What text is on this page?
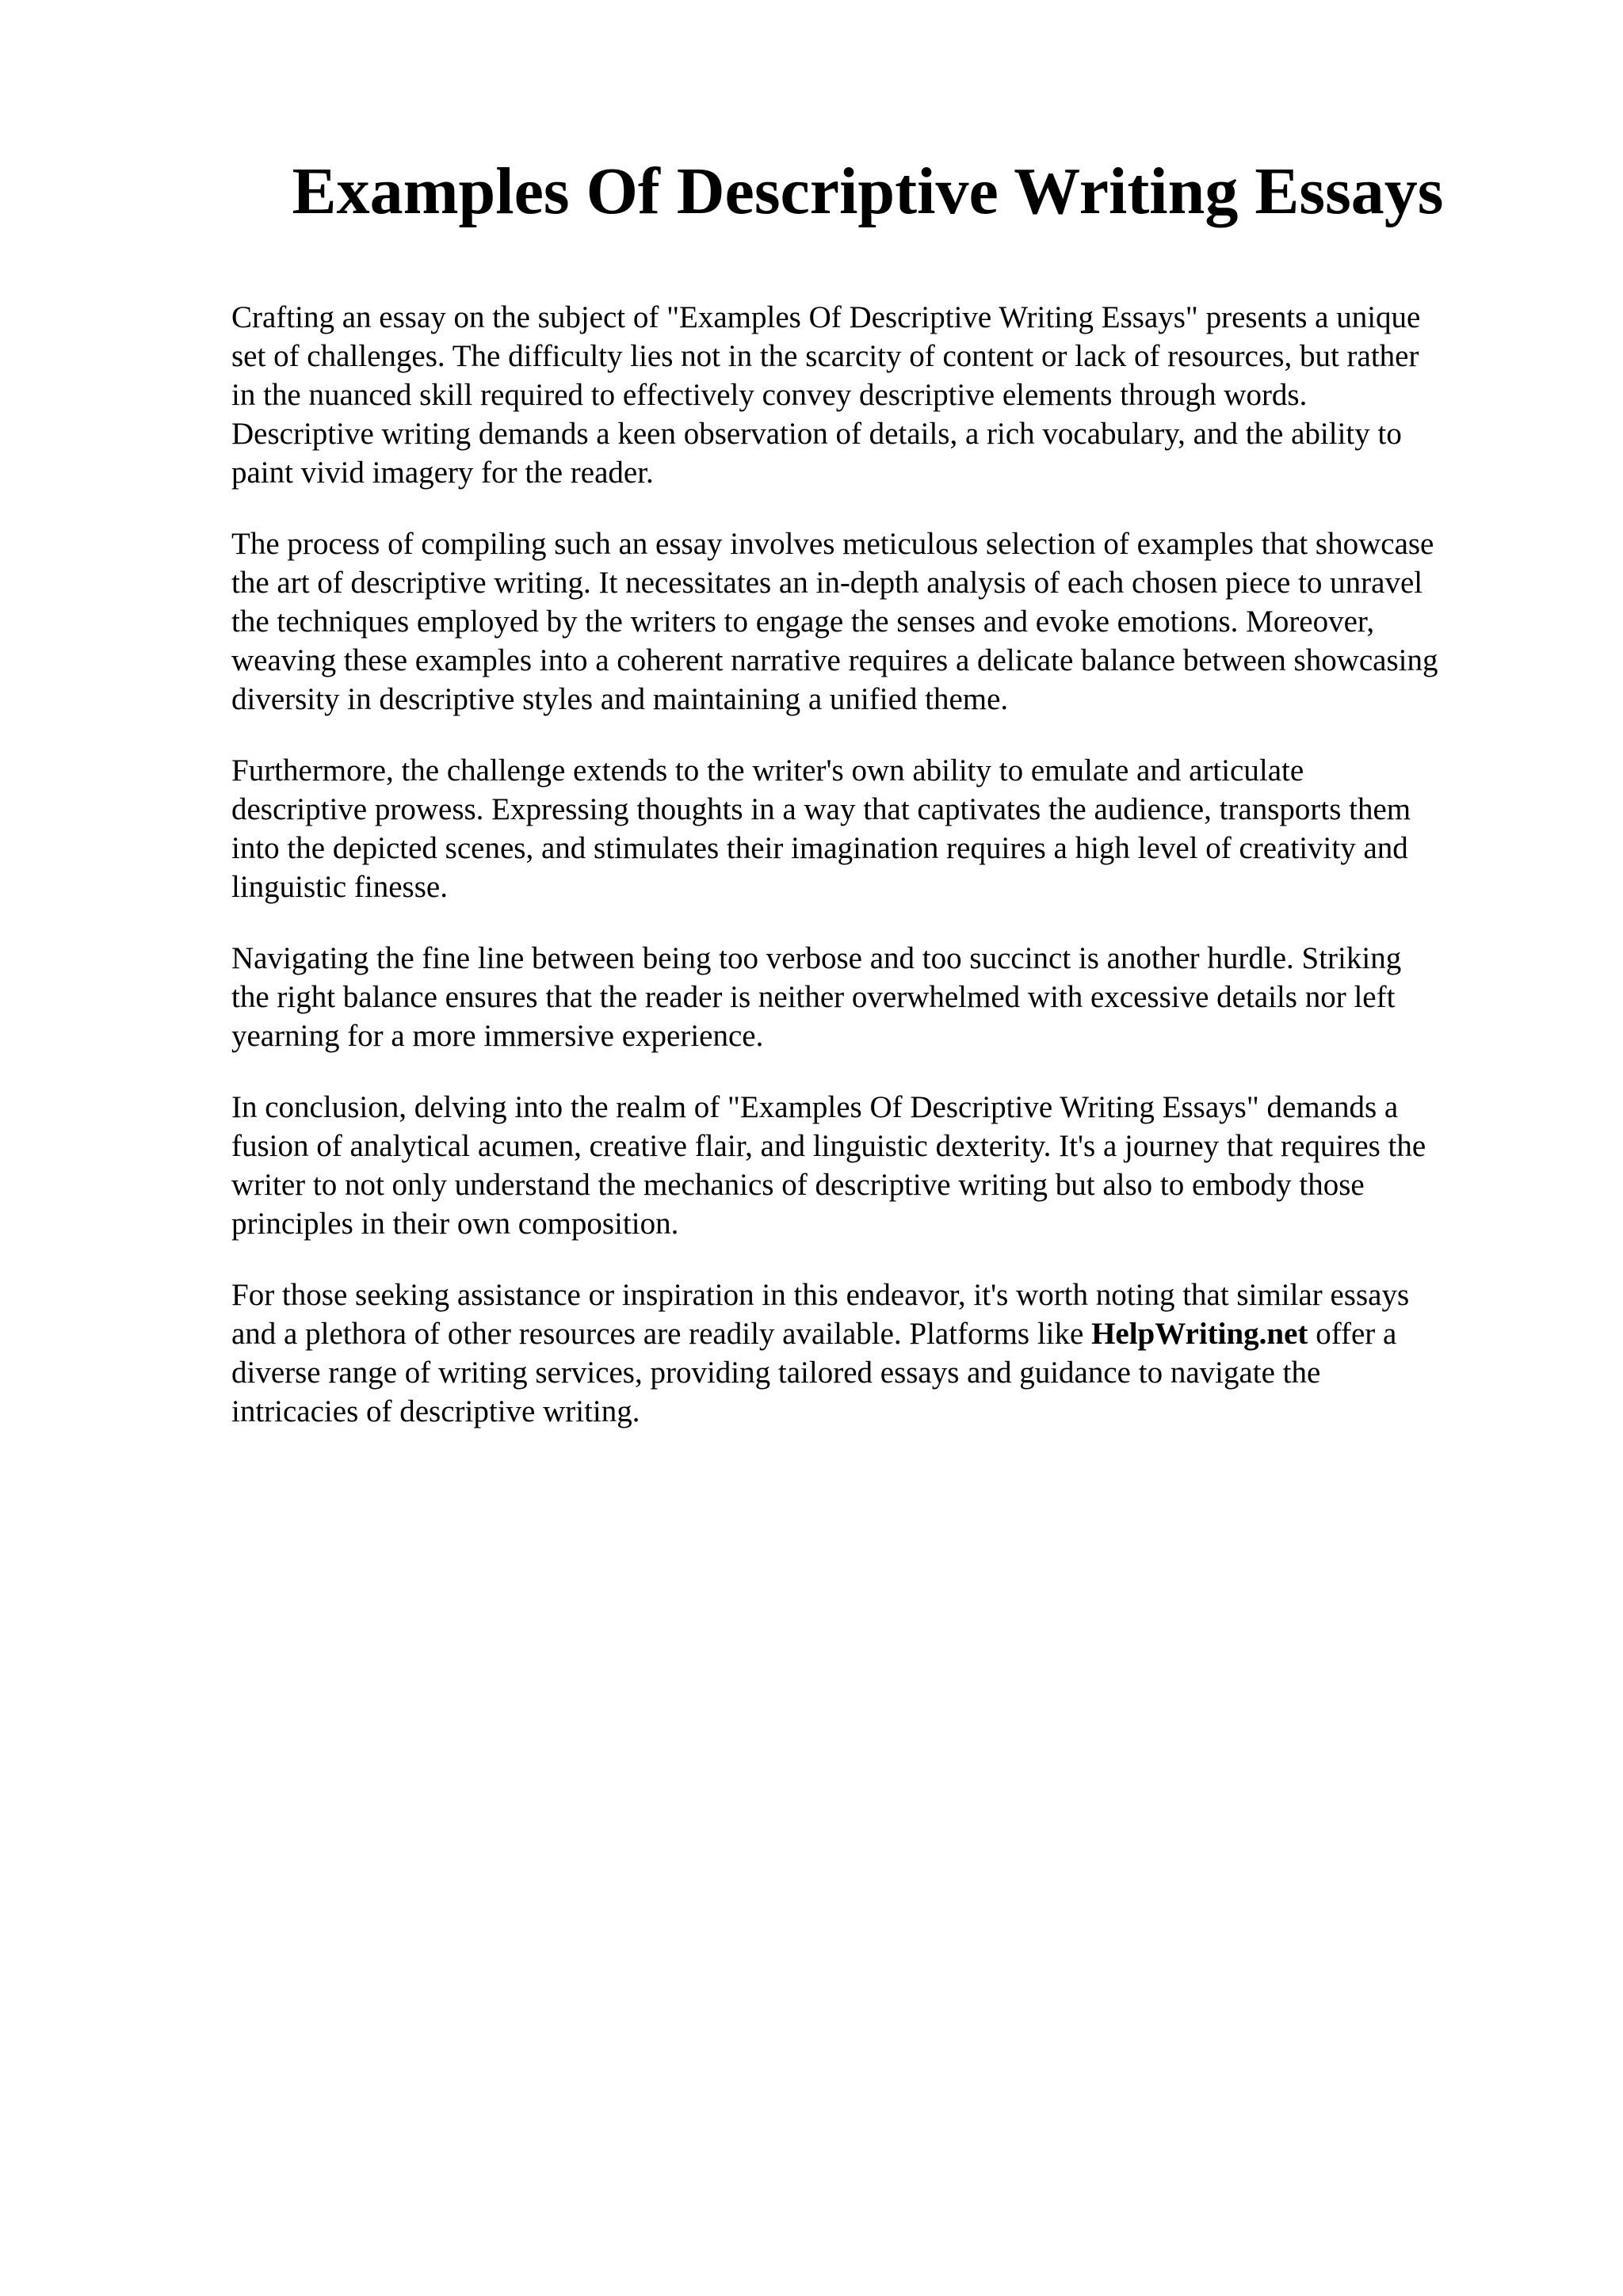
Examples Of Descriptive Writing Essays

Crafting an essay on the subject of "Examples Of Descriptive Writing Essays" presents a unique
set of challenges. The difficulty lies not in the scarcity of content or lack of resources, but rather
in the nuanced skill required to effectively convey descriptive elements through words.
Descriptive writing demands a keen observation of details, a rich vocabulary, and the ability to
paint vivid imagery for the reader.

The process of compiling such an essay involves meticulous selection of examples that showcase
the art of descriptive writing. It necessitates an in-depth analysis of each chosen piece to unravel
the techniques employed by the writers to engage the senses and evoke emotions. Moreover,
weaving these examples into a coherent narrative requires a delicate balance between showcasing
diversity in descriptive styles and maintaining a unified theme.

Furthermore, the challenge extends to the writer's own ability to emulate and articulate
descriptive prowess. Expressing thoughts in a way that captivates the audience, transports them
into the depicted scenes, and stimulates their imagination requires a high level of creativity and
linguistic finesse.

Navigating the fine line between being too verbose and too succinct is another hurdle. Striking
the right balance ensures that the reader is neither overwhelmed with excessive details nor left
yearning for a more immersive experience.

In conclusion, delving into the realm of "Examples Of Descriptive Writing Essays" demands a
fusion of analytical acumen, creative flair, and linguistic dexterity. It's a journey that requires the
writer to not only understand the mechanics of descriptive writing but also to embody those
principles in their own composition.

For those seeking assistance or inspiration in this endeavor, it's worth noting that similar essays
and a plethora of other resources are readily available. Platforms like HelpWriting.net offer a
diverse range of writing services, providing tailored essays and guidance to navigate the
intricacies of descriptive writing.
